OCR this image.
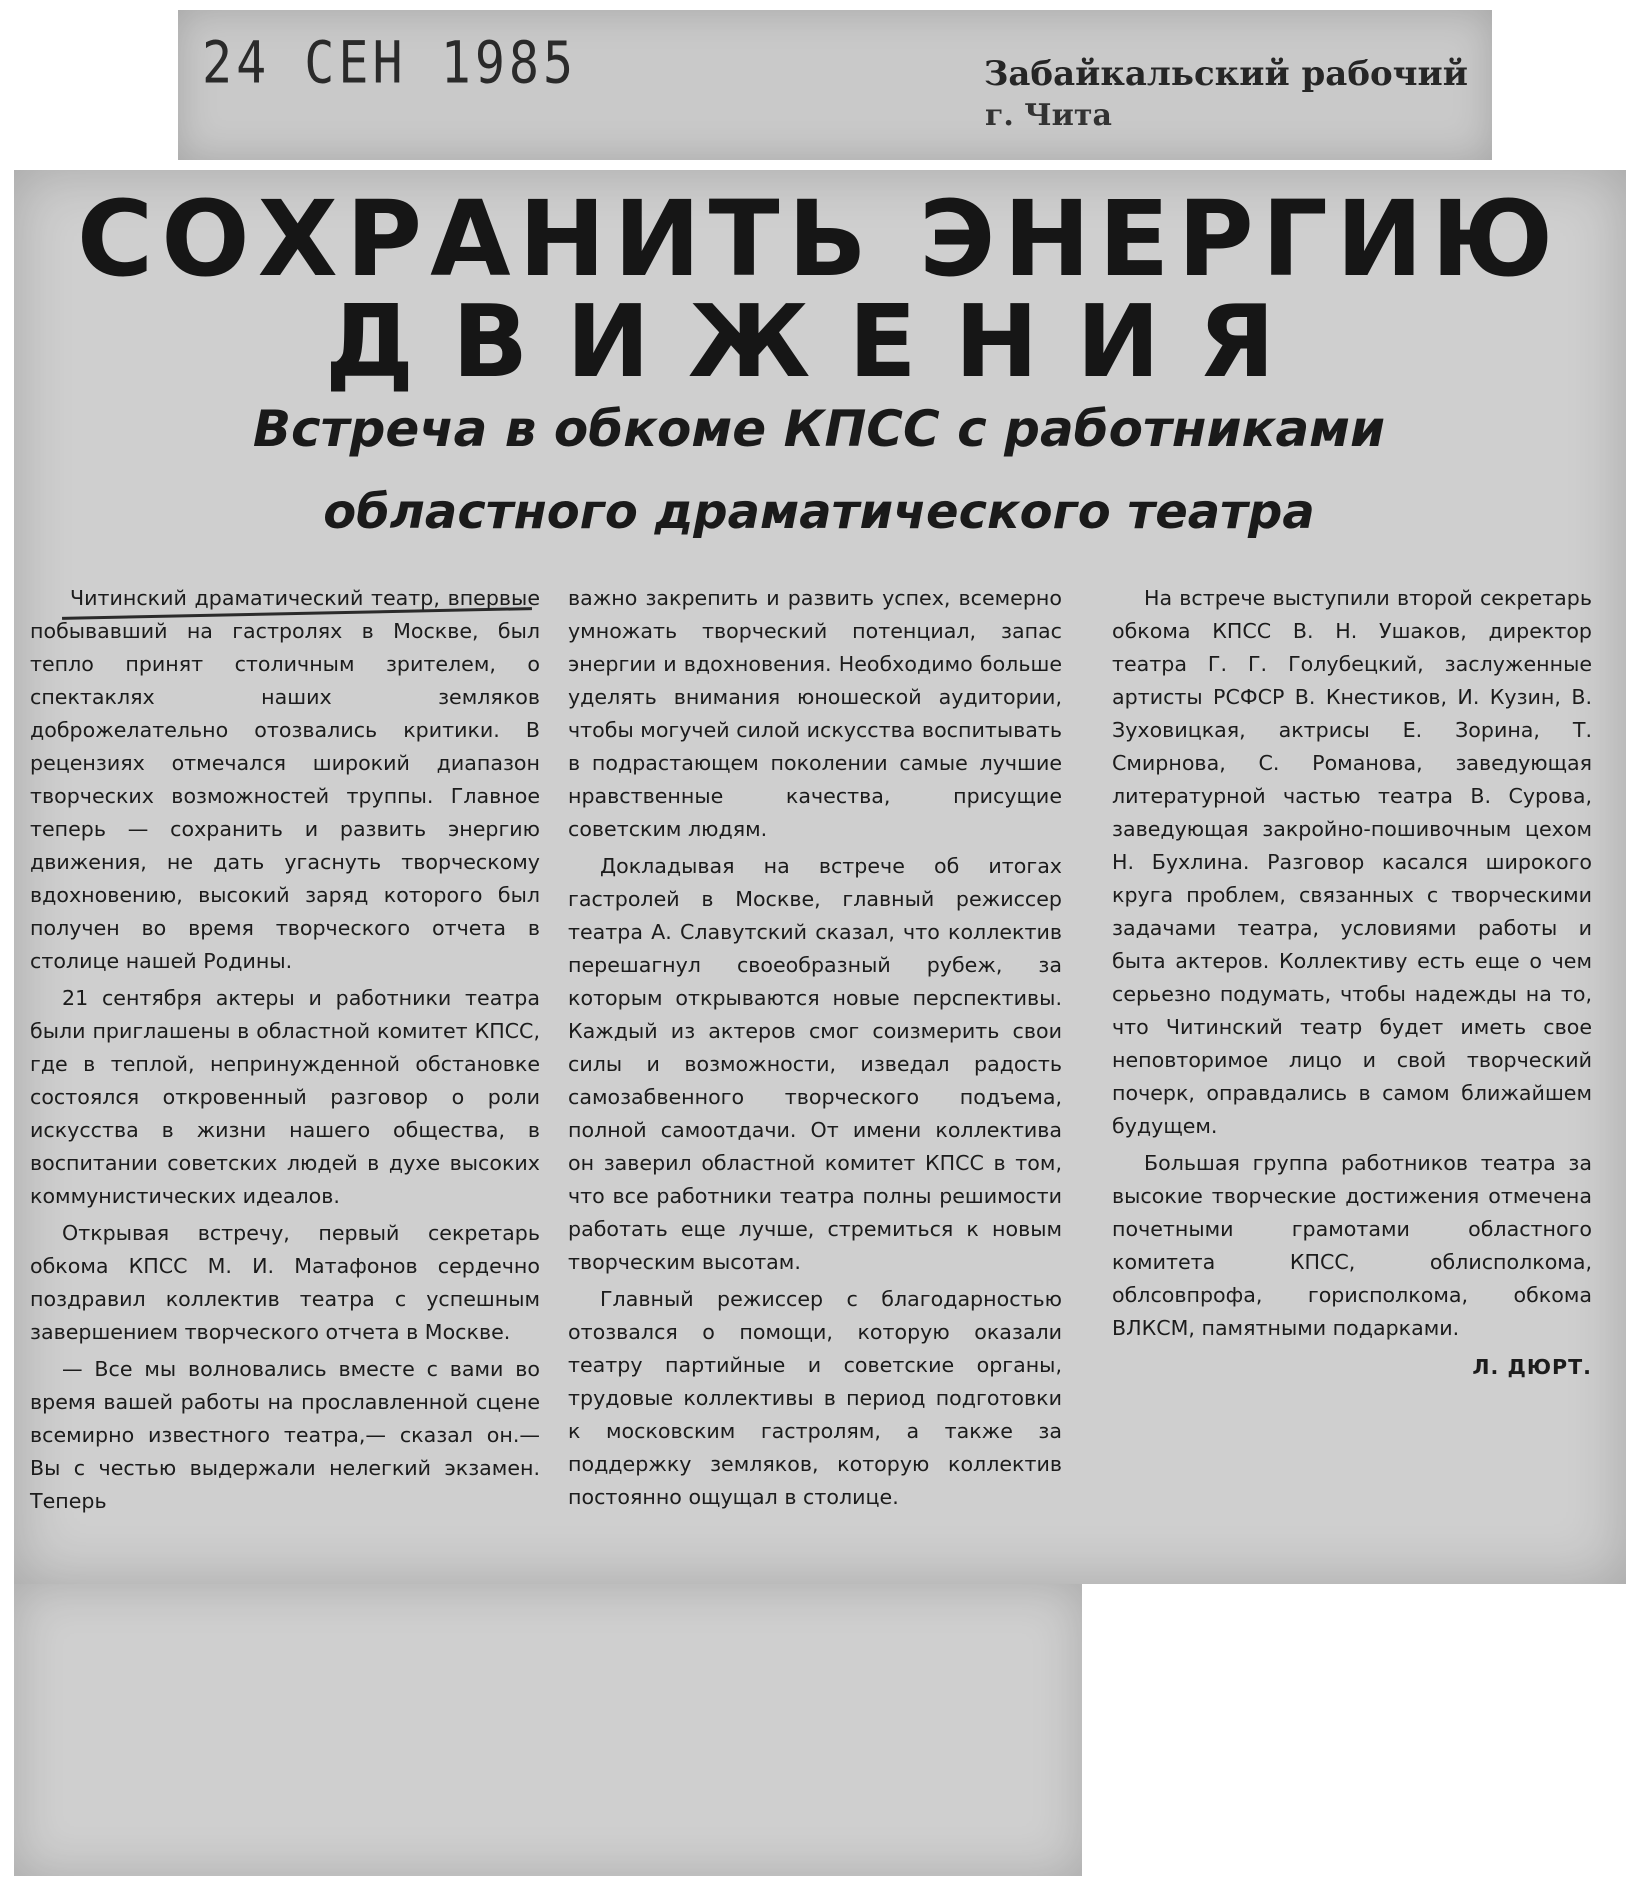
24 СЕН 1985	Забайкальский рабочий
г. Чита
СОХРАНИТЬ ЭНЕРГИЮ
ДВИЖЕНИЯ
Встреча в обкоме КПСС с работниками
областного драматического театра

Читинский драматический театр, впервые побывавший на гастролях в Москве, был тепло принят столичным зрителем, о спектаклях наших земляков доброжелательно отозвались критики. В рецензиях отмечался широкий диапазон творческих возможностей труппы. Главное теперь — сохранить и развить энергию движения, не дать угаснуть творческому вдохновению, высокий заряд которого был получен во время творческого отчета в столице нашей Родины.

21 сентября актеры и работники театра были приглашены в областной комитет КПСС, где в теплой, непринужденной обстановке состоялся откровенный разговор о роли искусства в жизни нашего общества, в воспитании советских людей в духе высоких коммунистических идеалов.

Открывая встречу, первый секретарь обкома КПСС М. И. Матафонов сердечно поздравил коллектив театра с успешным завершением творческого отчета в Москве.

— Все мы волновались вместе с вами во время вашей работы на прославленной сцене всемирно известного театра,— сказал он.—Вы с честью выдержали нелегкий экзамен. Теперь

важно закрепить и развить успех, всемерно умножать творческий потенциал, запас энергии и вдохновения. Необходимо больше уделять внимания юношеской аудитории, чтобы могучей силой искусства воспитывать в подрастающем поколении самые лучшие нравственные качества, присущие советским людям.

Докладывая на встрече об итогах гастролей в Москве, главный режиссер театра А. Славутский сказал, что коллектив перешагнул своеобразный рубеж, за которым открываются новые перспективы. Каждый из актеров смог соизмерить свои силы и возможности, изведал радость самозабвенного творческого подъема, полной самоотдачи. От имени коллектива он заверил областной комитет КПСС в том, что все работники театра полны решимости работать еще лучше, стремиться к новым творческим высотам.

Главный режиссер с благодарностью отозвался о помощи, которую оказали театру партийные и советские органы, трудовые коллективы в период подготовки к московским гастролям, а также за поддержку земляков, которую коллектив постоянно ощущал в столице.

На встрече выступили второй секретарь обкома КПСС В. Н. Ушаков, директор театра Г. Г. Голубецкий, заслуженные артисты РСФСР В. Кнестиков, И. Кузин, В. Зуховицкая, актрисы Е. Зорина, Т. Смирнова, С. Романова, заведующая литературной частью театра В. Сурова, заведующая закройно-пошивочным цехом Н. Бухлина. Разговор касался широкого круга проблем, связанных с творческими задачами театра, условиями работы и быта актеров. Коллективу есть еще о чем серьезно подумать, чтобы надежды на то, что Читинский театр будет иметь свое неповторимое лицо и свой творческий почерк, оправдались в самом ближайшем будущем.

Большая группа работников театра за высокие творческие достижения отмечена почетными грамотами областного комитета КПСС, облисполкома, облсовпрофа, горисполкома, обкома ВЛКСМ, памятными подарками.

Л. ДЮРТ.
